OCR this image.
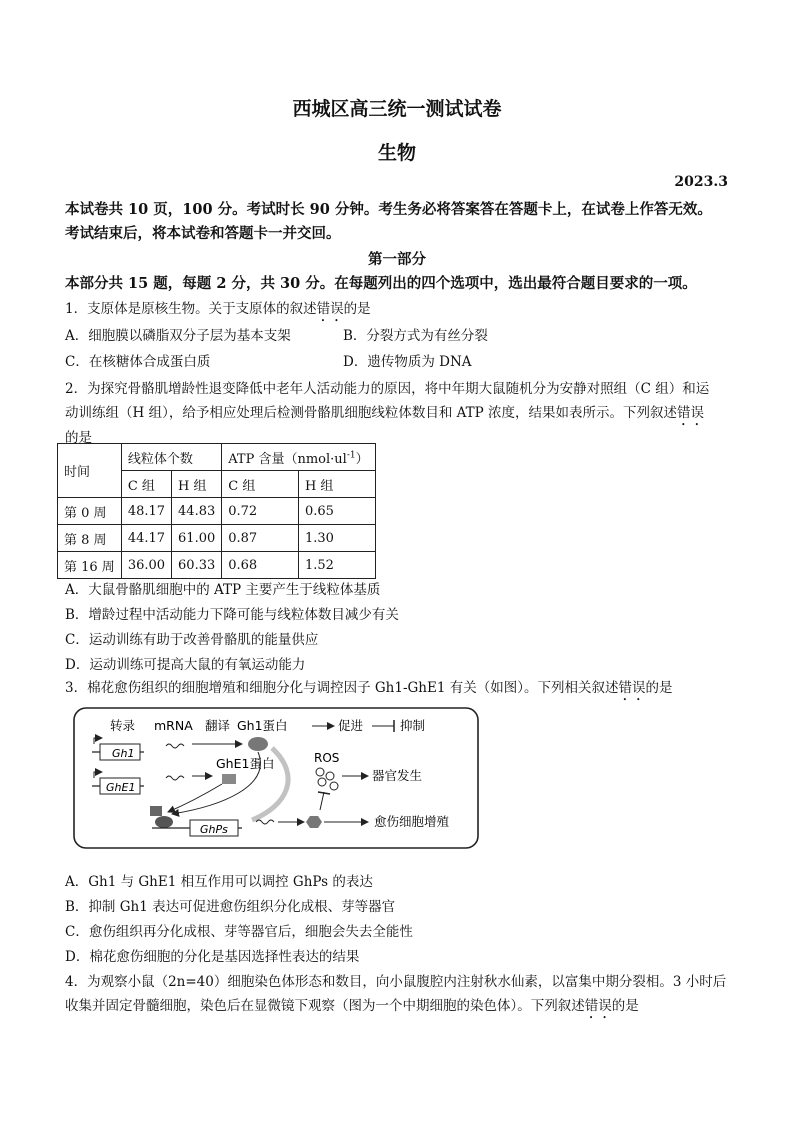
西城区高三统一测试试卷
生物
2023.3
本试卷共 10 页，100 分。考试时长 90 分钟。考生务必将答案答在答题卡上，在试卷上作答无效。
考试结束后，将本试卷和答题卡一并交回。
第一部分
本部分共 15 题，每题 2 分，共 30 分。在每题列出的四个选项中，选出最符合题目要求的一项。
1．支原体是原核生物。关于支原体的叙述错误的是
A．细胞膜以磷脂双分子层为基本支架	B．分裂方式为有丝分裂
C．在核糖体合成蛋白质	D．遗传物质为 DNA
2．为探究骨骼肌增龄性退变降低中老年人活动能力的原因，将中年期大鼠随机分为安静对照组（C 组）和运
动训练组（H 组），给予相应处理后检测骨骼肌细胞线粒体数目和 ATP 浓度，结果如表所示。下列叙述错误
的是
时间	线粒体个数		ATP 含量$(nmol\cdot ul^{-1})$	
	C 组	H 组	C 组	H 组
第 0 周	48.17	44.83	0.72	0.65
第 8 周	44.17	61.00	0.87	1.30
第 16 周	36.00	60.33	0.68	1.52
A．大鼠骨骼肌细胞中的 ATP 主要产生于线粒体基质
B．增龄过程中活动能力下降可能与线粒体数目减少有关
C．运动训练有助于改善骨骼肌的能量供应
D．运动训练可提高大鼠的有氧运动能力
3．棉花愈伤组织的细胞增殖和细胞分化与调控因子 Gh1-GhE1 有关（如图）。下列相关叙述错误的是
转录 mRNA 翻译 Gh1蛋白
Gh1
GhE1
GhE1蛋白
GhPs
愈伤细胞增殖
ROS
器官发生
促进	抑制
A．Gh1 与 GhE1 相互作用可以调控 GhPs 的表达
B．抑制 Gh1 表达可促进愈伤组织分化成根、芽等器官
C．愈伤组织再分化成根、芽等器官后，细胞会失去全能性
D．棉花愈伤细胞的分化是基因选择性表达的结果
4．为观察小鼠（2n=40）细胞染色体形态和数目，向小鼠腹腔内注射秋水仙素，以富集中期分裂相。3 小时后
收集并固定骨髓细胞，染色后在显微镜下观察（图为一个中期细胞的染色体）。下列叙述错误的是
